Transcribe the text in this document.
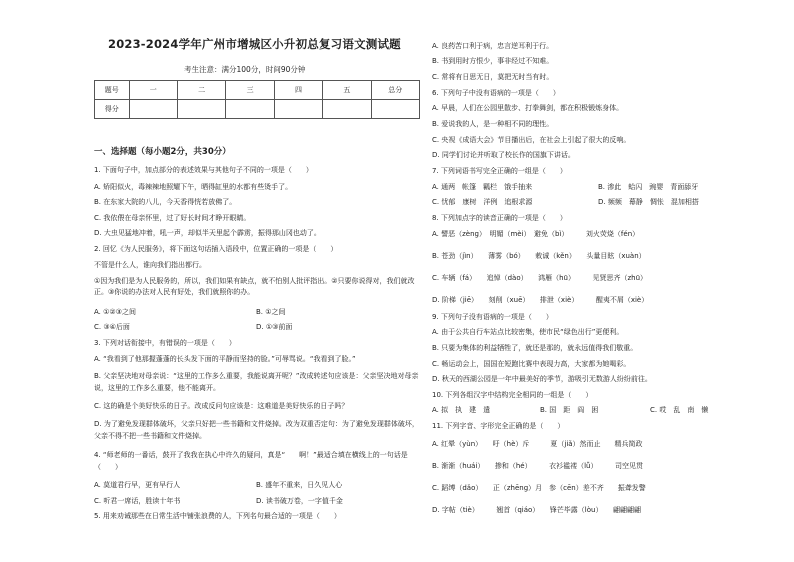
2023-2024学年广州市增城区小升初总复习语文测试题
考生注意：满分100分，时间90分钟
题号	一	二	三	四	五	总分
得分						
一、选择题（每小题2分，共30分）
1. 下面句子中，加点部分的表述效果与其他句子不同的一项是（　　）
A. 矫阳似火，毒辣辣地照耀下午，晒得缸里的水都有些烫手了。
B. 在东家大院的八儿，今天香得恍若放佛了。
C. 我依偎在母亲怀里，过了好长时间才睁开眼睛。
D. 大虫见猛地冲着，吼一声，却似半天里起个霹雳，振得那山冈也动了。
2. 回忆《为人民服务》，将下面这句话插入语段中，位置正确的一项是（　　）
不管是什么人，谁向我们指出都行。
①因为我们是为人民服务的，所以，我们如果有缺点，就不怕别人批评指出。②只要你说得对，我们就改正。③你说的办法对人民有好处，我们就照你的办。
A. ①②③之间	B. ①之间
C. ③④后面	D. ①③前面
3. 下列对话衔接中，有错误的一项是（　　）
A. “我看到了他那握蓬蓬的长头发下面的平静而坚持的脸。”可辱骂说。“我看到了脸。”
B. 父亲坚决地对母亲说：“这里的工作多么重要，我能说离开呢？”改成转述句应该是：父亲坚决地对母亲说，这里的工作多么重要，他不能离开。
C. 这的确是个美好快乐的日子。改成反问句应该是：这难道是美好快乐的日子吗？
D. 为了避免发现群体破坏，父亲只好把一些书籍和文件烧掉。改为双重否定句：为了避免发现群体破坏，父亲不得不把一些书籍和文件烧掉。
4. “师老师的一番话，鼓开了我我在执心中许久的疑问，真是“　　啊！”最适合填在横线上的一句话是（　　）
A. 莫道君行早，更有早行人	B. 盛年不重来，日久见人心
C. 听君一席话，胜读十年书	D. 读书破万卷，一字值千金
5. 用来劝诫那些在日常生活中铺张浪费的人，下列名句最合适的一项是（　　）
A. 良药苦口利于病，忠言逆耳利于行。
B. 书到用时方恨少，事非经过不知难。
C. 常将有日思无日，莫把无时当有时。
6. 下列句子中没有语病的一项是（　　）
A. 早晨，人们在公园里散步、打拳舞剑，都在积极锻炼身体。
B. 爱说我的人，是一种相不同的理性。
C. 央视《成语大会》节目播出后，在社会上引起了很大的反响。
D. 同学们讨论并听取了校长作的国旗下讲话。
7. 下列词语书写完全正确的一组是（　　）
A. 通两　帐篷　瓤栏　饿手抽来	B. 渗此　蛤闪　豌婴　青面舔牙
C. 忧郁　康树　洋例　追根求源	D. 频频　幕静　惆怅　混加相搭
8. 下列加点字的读音正确的一项是（　　）
A. 譬恶（zèng）　明媚（mèi）　避免（bì）　　　刘火荧烧（fén）
B. 苍劲（jìn）　　薄雾（bó）　　敕诚（kěn）　　头量目眩（xuàn）
C. 车辆（fá）　　追悼（dào）　　鸿雁（hū）　　　见贤思齐（zhū）
D. 阶梯（jiē）　　刻削（xuē）　　排泄（xiè）　　　醒夷不屑（xiè）
9. 下列句子没有语病的一项是（　　）
A. 由于公共自行车站点比较密集，使市民“绿色出行”更便利。
B. 只要为集体的利益牺牲了，就还是那的，就永远值得我们敬重。
C. 畅运动会上，国国在短跑比赛中表现力高，大家都为她喝彩。
D. 秋天的西湖公园是一年中最美好的季节，游吸引无数游人纷纷前往。
10. 下列各组汉字中结构完全相同的一组是（　　）
A. 拟　执　建　遣	B. 国　距　阎　困	C. 哎　乱　南　懒
11. 下列字音、字形完全正确的是（　　）
A. 红晕（yùn）　　吁（hè）斥　　　夏（jiǎ）然而止　　精兵简政
B. 渐渐（huái）　　掺和（hé）　　　衣衫褴褛（lǚ）　　　司空见贯
C. 蹈缚（dǎo）　　正（zhēng）月　参（cēn）差不齐　　振聋发警
D. 字帖（tiè）　　　翘首（qiáo）　　锋芒毕露（lòu）　　翩翩翩翩
